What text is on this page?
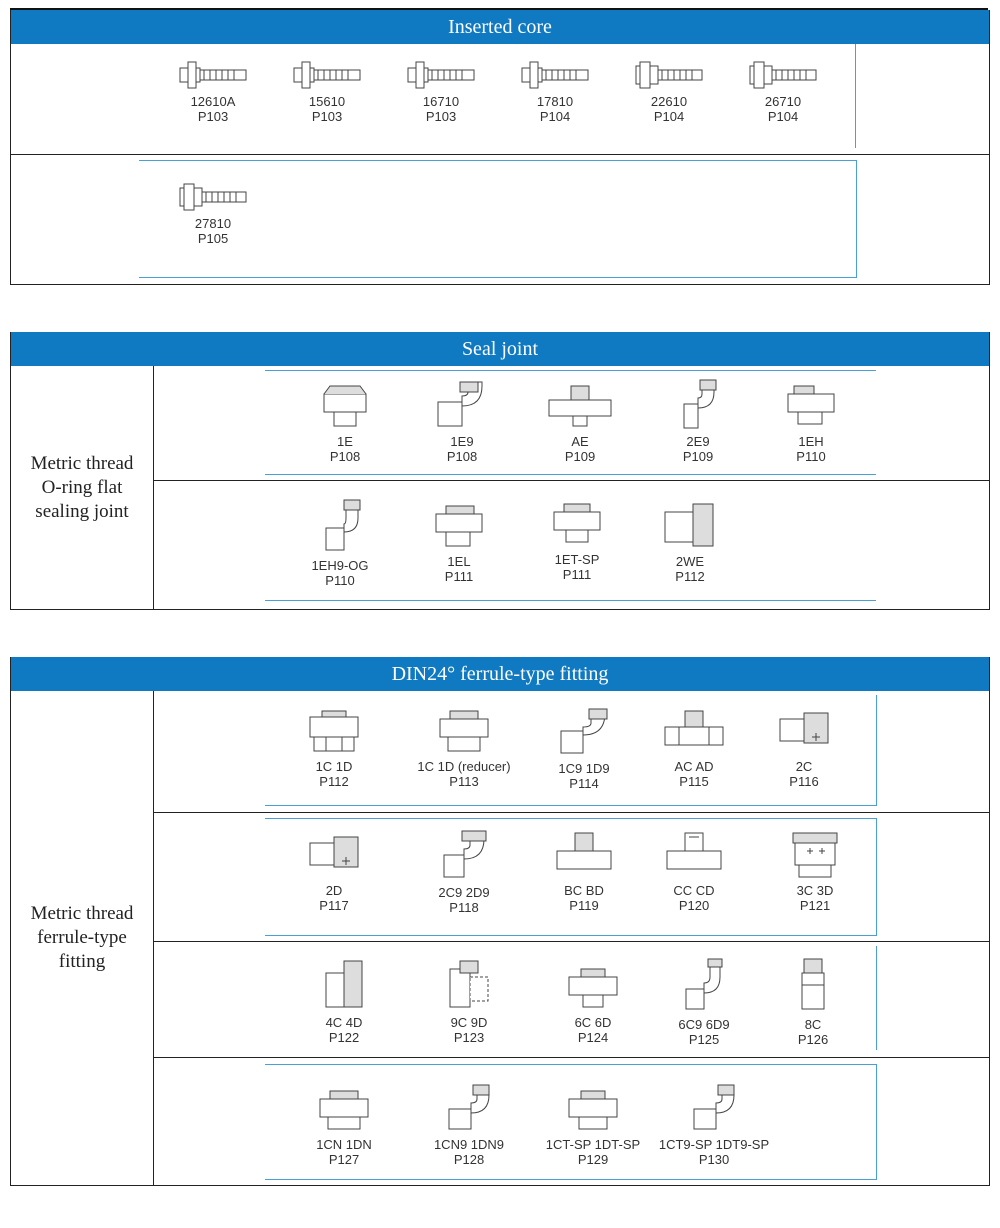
Inserted core
12610A
P103
15610
P103
16710
P103
17810
P104
22610
P104
26710
P104
27810
P105
Seal joint
Metric thread O-ring flat sealing joint
1E
P108
1E9
P108
AE
P109
2E9
P109
1EH
P110
1EH9-OG
P110
1EL
P111
1ET-SP
P111
2WE
P112
DIN24° ferrule-type fitting
Metric thread ferrule-type fitting
1C 1D
P112
1C 1D (reducer)
P113
1C9 1D9
P114
AC AD
P115
2C
P116
2D
P117
2C9 2D9
P118
BC BD
P119
CC CD
P120
3C 3D
P121
4C 4D
P122
9C 9D
P123
6C 6D
P124
6C9 6D9
P125
8C
P126
1CN 1DN
P127
1CN9 1DN9
P128
1CT-SP 1DT-SP
P129
1CT9-SP 1DT9-SP
P130
